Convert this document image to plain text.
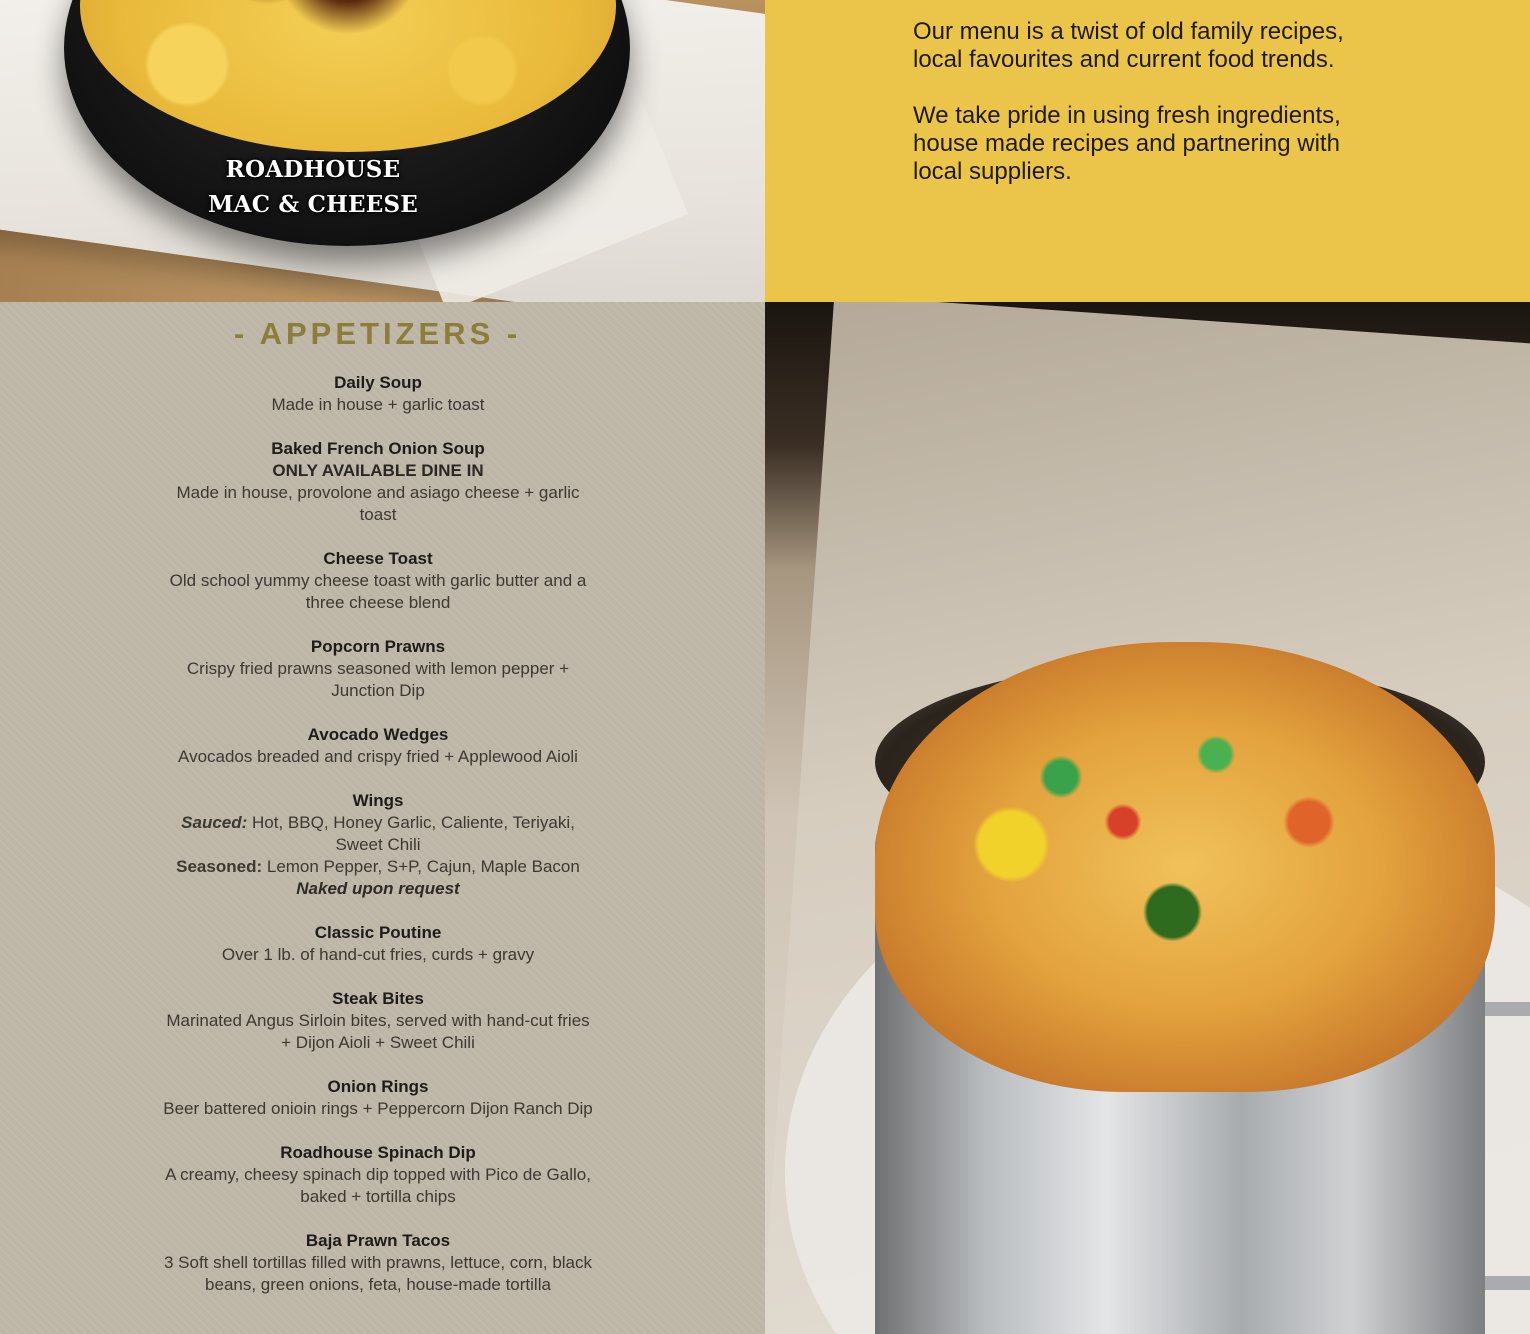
ROADHOUSE
MAC & CHEESE

Our menu is a twist of old family recipes, local favourites and current food trends.

We take pride in using fresh ingredients, house made recipes and partnering with local suppliers.

- APPETIZERS -
Daily Soup
Made in house + garlic toast
Baked French Onion Soup
ONLY AVAILABLE DINE IN
Made in house, provolone and asiago cheese + garlic toast
Cheese Toast
Old school yummy cheese toast with garlic butter and a three cheese blend
Popcorn Prawns
Crispy fried prawns seasoned with lemon pepper + Junction Dip
Avocado Wedges
Avocados breaded and crispy fried + Applewood Aioli
Wings
Sauced: Hot, BBQ, Honey Garlic, Caliente, Teriyaki, Sweet Chili
Seasoned: Lemon Pepper, S+P, Cajun, Maple Bacon
Naked upon request
Classic Poutine
Over 1 lb. of hand-cut fries, curds + gravy
Steak Bites
Marinated Angus Sirloin bites, served with hand-cut fries + Dijon Aioli + Sweet Chili
Onion Rings
Beer battered onioin rings + Peppercorn Dijon Ranch Dip
Roadhouse Spinach Dip
A creamy, cheesy spinach dip topped with Pico de Gallo, baked + tortilla chips
Baja Prawn Tacos
3 Soft shell tortillas filled with prawns, lettuce, corn, black beans, green onions, feta, house-made tortilla
